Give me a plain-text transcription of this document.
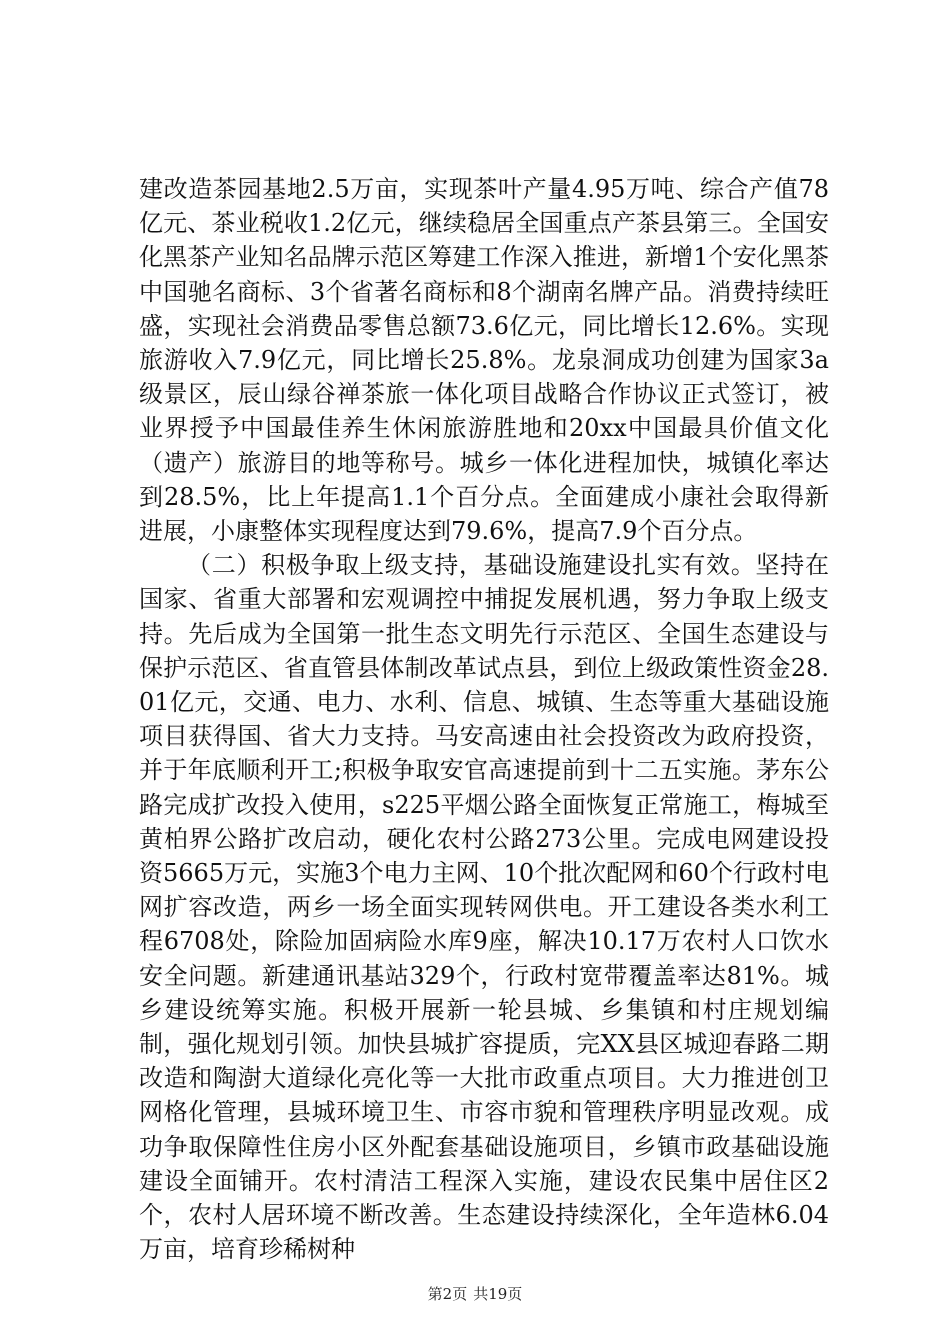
建改造茶园基地2.5万亩，实现茶叶产量4.95万吨、综合产值78亿元、茶业税收1.2亿元，继续稳居全国重点产茶县第三。全国安化黑茶产业知名品牌示范区筹建工作深入推进，新增1个安化黑茶中国驰名商标、3个省著名商标和8个湖南名牌产品。消费持续旺盛，实现社会消费品零售总额73.6亿元，同比增长12.6%。实现旅游收入7.9亿元，同比增长25.8%。龙泉洞成功创建为国家3a级景区，辰山绿谷禅茶旅一体化项目战略合作协议正式签订，被业界授予中国最佳养生休闲旅游胜地和20xx中国最具价值文化（遗产）旅游目的地等称号。城乡一体化进程加快，城镇化率达到28.5%，比上年提高1.1个百分点。全面建成小康社会取得新进展，小康整体实现程度达到79.6%，提高7.9个百分点。

（二）积极争取上级支持，基础设施建设扎实有效。坚持在国家、省重大部署和宏观调控中捕捉发展机遇，努力争取上级支持。先后成为全国第一批生态文明先行示范区、全国生态建设与保护示范区、省直管县体制改革试点县，到位上级政策性资金28.01亿元，交通、电力、水利、信息、城镇、生态等重大基础设施项目获得国、省大力支持。马安高速由社会投资改为政府投资，并于年底顺利开工;积极争取安官高速提前到十二五实施。茅东公路完成扩改投入使用，s225平烟公路全面恢复正常施工，梅城至黄柏界公路扩改启动，硬化农村公路273公里。完成电网建设投资5665万元，实施3个电力主网、10个批次配网和60个行政村电网扩容改造，两乡一场全面实现转网供电。开工建设各类水利工程6708处，除险加固病险水库9座，解决10.17万农村人口饮水安全问题。新建通讯基站329个，行政村宽带覆盖率达81%。城乡建设统筹实施。积极开展新一轮县城、乡集镇和村庄规划编制，强化规划引领。加快县城扩容提质，完XX县区城迎春路二期改造和陶澍大道绿化亮化等一大批市政重点项目。大力推进创卫网格化管理，县城环境卫生、市容市貌和管理秩序明显改观。成功争取保障性住房小区外配套基础设施项目，乡镇市政基础设施建设全面铺开。农村清洁工程深入实施，建设农民集中居住区2个，农村人居环境不断改善。生态建设持续深化，全年造林6.04万亩，培育珍稀树种

第2页 共19页
